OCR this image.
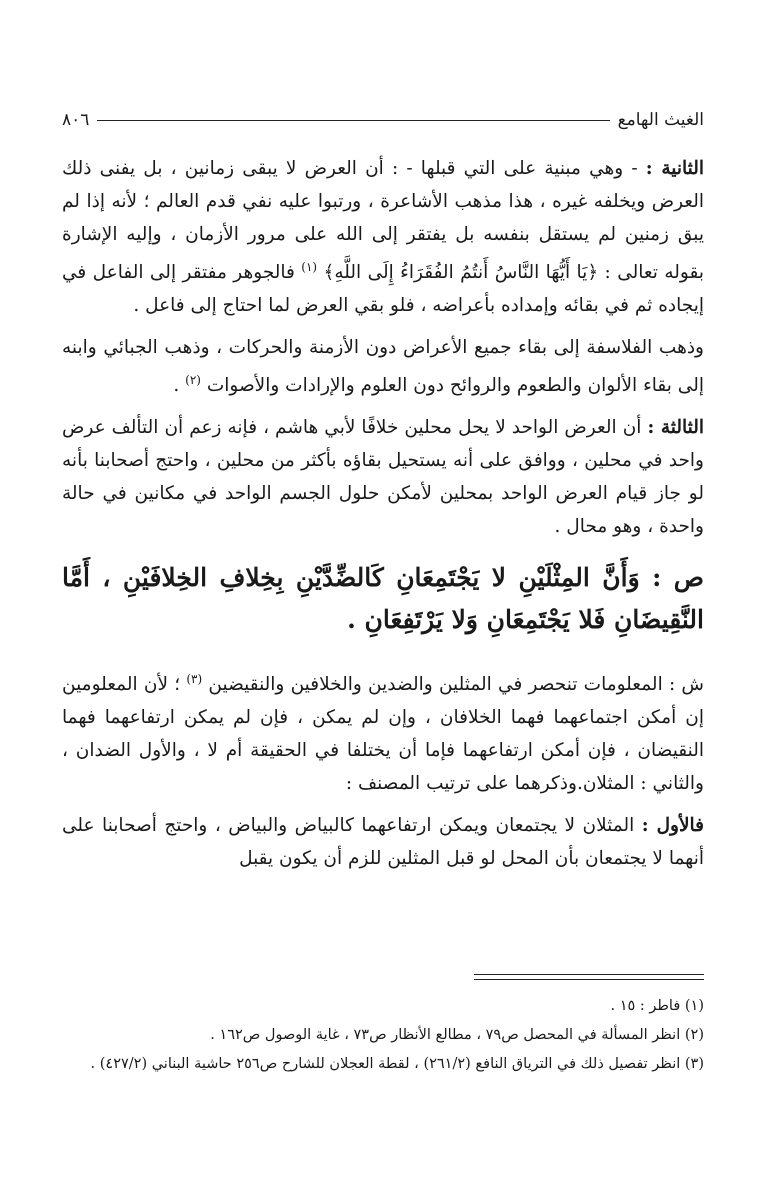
الغيث الهامع
٨٠٦

الثانية : - وهي مبنية على التي قبلها - : أن العرض لا يبقى زمانين ، بل يفنى ذلك العرض ويخلفه غيره ، هذا مذهب الأشاعرة ، ورتبوا عليه نفي قدم العالم ؛ لأنه إذا لم يبق زمنين لم يستقل بنفسه بل يفتقر إلى الله على مرور الأزمان ، وإليه الإشارة بقوله تعالى : ﴿يَا أَيُّهَا النَّاسُ أَنتُمُ الفُقَرَاءُ إِلَى اللَّهِ﴾ $^{(١)}$ فالجوهر مفتقر إلى الفاعل في إيجاده ثم في بقائه وإمداده بأعراضه ، فلو بقي العرض لما احتاج إلى فاعل .

وذهب الفلاسفة إلى بقاء جميع الأعراض دون الأزمنة والحركات ، وذهب الجبائي وابنه إلى بقاء الألوان والطعوم والروائح دون العلوم والإرادات والأصوات $^{(٢)}$ .

الثالثة : أن العرض الواحد لا يحل محلين خلافًا لأبي هاشم ، فإنه زعم أن التألف عرض واحد في محلين ، ووافق على أنه يستحيل بقاؤه بأكثر من محلين ، واحتج أصحابنا بأنه لو جاز قيام العرض الواحد بمحلين لأمكن حلول الجسم الواحد في مكانين في حالة واحدة ، وهو محال .

ص : وَأَنَّ المِثْلَيْنِ لا يَجْتَمِعَانِ كَالضِّدَّيْنِ بِخِلافِ الخِلافَيْنِ ، أَمَّا النَّقِيضَانِ فَلا يَجْتَمِعَانِ وَلا يَرْتَفِعَانِ .

ش : المعلومات تنحصر في المثلين والضدين والخلافين والنقيضين $^{(٣)}$ ؛ لأن المعلومين إن أمكن اجتماعهما فهما الخلافان ، وإن لم يمكن ، فإن لم يمكن ارتفاعهما فهما النقيضان ، فإن أمكن ارتفاعهما فإما أن يختلفا في الحقيقة أم لا ، والأول الضدان ، والثاني : المثلان.وذكرهما على ترتيب المصنف :

فالأول : المثلان لا يجتمعان ويمكن ارتفاعهما كالبياض والبياض ، واحتج أصحابنا على أنهما لا يجتمعان بأن المحل لو قبل المثلين للزم أن يكون يقبل

(١) فاطر : ١٥ .
(٢) انظر المسألة في المحصل ص٧٩ ، مطالع الأنظار ص٧٣ ، غاية الوصول ص١٦٢ .
(٣) انظر تفصيل ذلك في الترياق النافع (٢٦١/٢) ، لقطة العجلان للشارح ص٢٥٦ حاشية البناني (٤٢٧/٢) .
